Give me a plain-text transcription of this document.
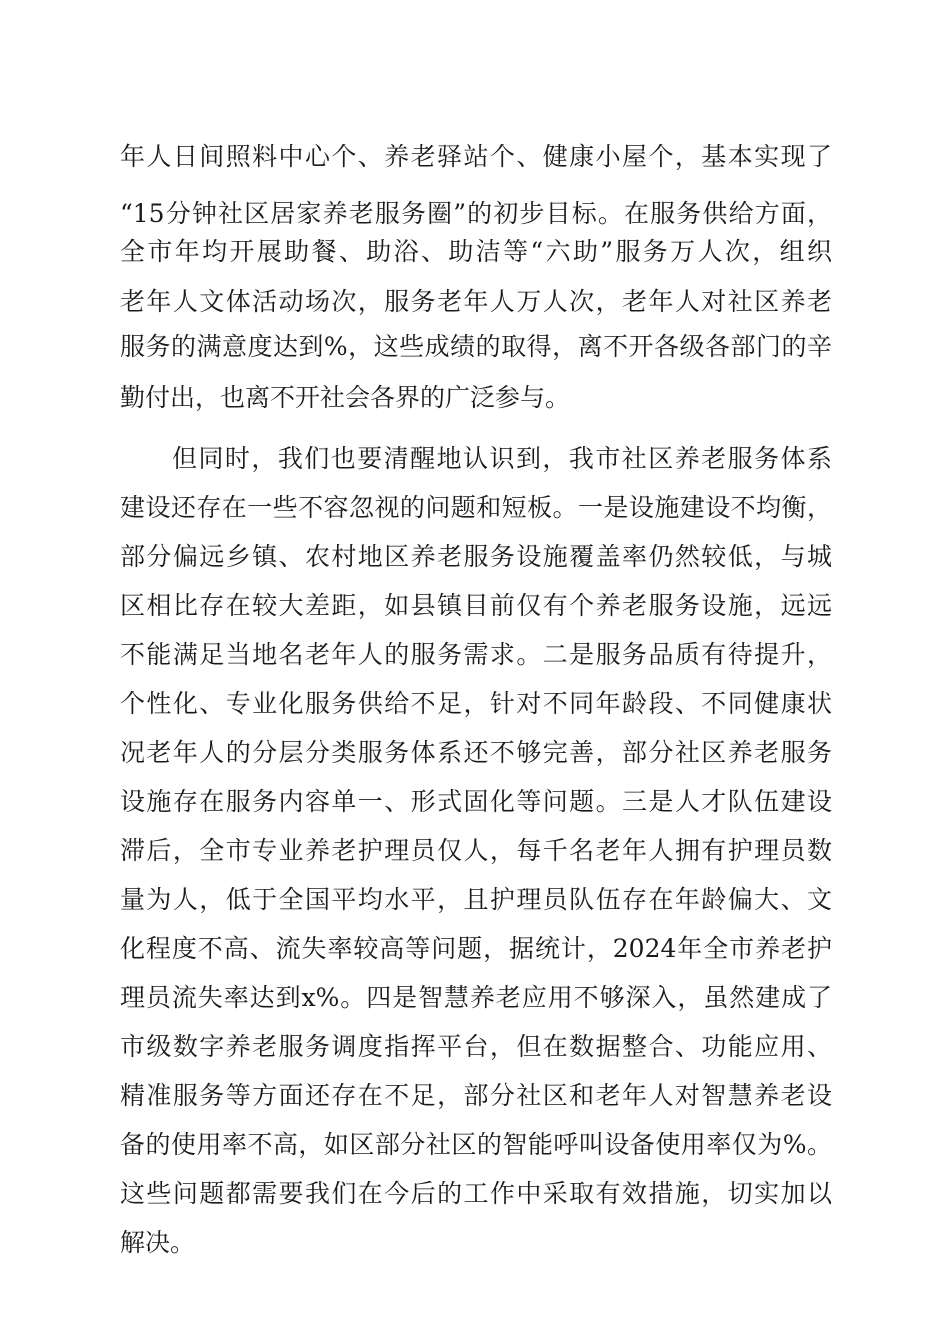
年人日间照料中心个、养老驿站个、健康小屋个，基本实现了

“15分钟社区居家养老服务圈”的初步目标。在服务供给方面，

全市年均开展助餐、助浴、助洁等“六助”服务万人次，组织

老年人文体活动场次，服务老年人万人次，老年人对社区养老

服务的满意度达到%，这些成绩的取得，离不开各级各部门的辛

勤付出，也离不开社会各界的广泛参与。

但同时，我们也要清醒地认识到，我市社区养老服务体系

建设还存在一些不容忽视的问题和短板。一是设施建设不均衡，

部分偏远乡镇、农村地区养老服务设施覆盖率仍然较低，与城

区相比存在较大差距，如县镇目前仅有个养老服务设施，远远

不能满足当地名老年人的服务需求。二是服务品质有待提升，

个性化、专业化服务供给不足，针对不同年龄段、不同健康状

况老年人的分层分类服务体系还不够完善，部分社区养老服务

设施存在服务内容单一、形式固化等问题。三是人才队伍建设

滞后，全市专业养老护理员仅人，每千名老年人拥有护理员数

量为人，低于全国平均水平，且护理员队伍存在年龄偏大、文

化程度不高、流失率较高等问题，据统计，2024年全市养老护

理员流失率达到x%。四是智慧养老应用不够深入，虽然建成了

市级数字养老服务调度指挥平台，但在数据整合、功能应用、

精准服务等方面还存在不足，部分社区和老年人对智慧养老设

备的使用率不高，如区部分社区的智能呼叫设备使用率仅为%。

这些问题都需要我们在今后的工作中采取有效措施，切实加以

解决。
